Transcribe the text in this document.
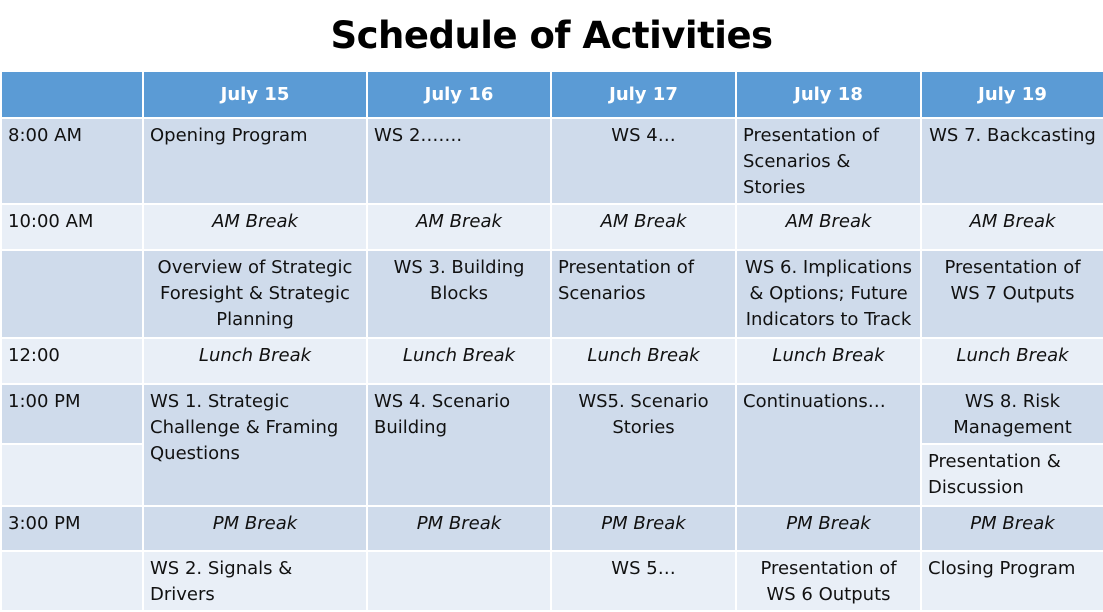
Schedule of Activities
	July 15	July 16	July 17	July 18	July 19
8:00 AM	Opening Program	WS 2…….	WS 4…	Presentation of Scenarios & Stories	WS 7. Backcasting
10:00 AM	AM Break	AM Break	AM Break	AM Break	AM Break
	Overview of Strategic Foresight & Strategic Planning	WS 3. Building Blocks	Presentation of Scenarios	WS 6. Implications & Options; Future Indicators to Track	Presentation of WS 7 Outputs
12:00	Lunch Break	Lunch Break	Lunch Break	Lunch Break	Lunch Break
1:00 PM	WS 1. Strategic Challenge & Framing Questions	WS 4. Scenario Building	WS5. Scenario Stories	Continuations…	WS 8. Risk Management
					Presentation & Discussion
3:00 PM	PM Break	PM Break	PM Break	PM Break	PM Break
	WS 2. Signals & Drivers		WS 5…	Presentation of WS 6 Outputs	Closing Program
